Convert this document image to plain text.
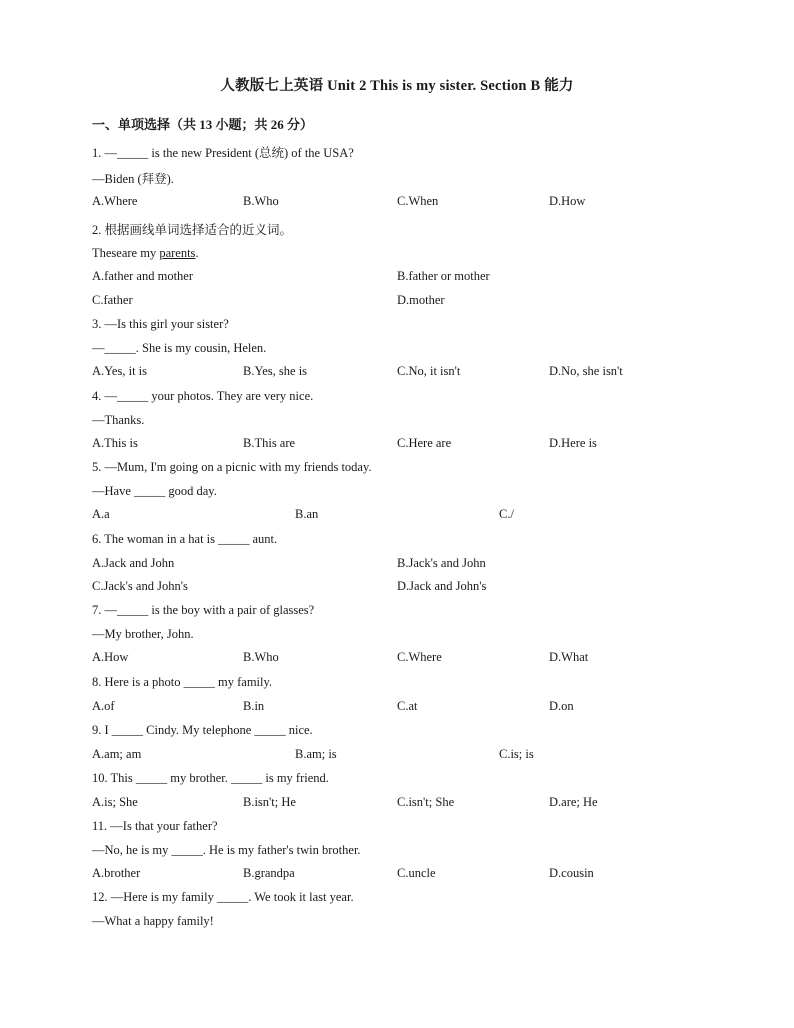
人教版七上英语 Unit 2 This is my sister. Section B 能力
一、单项选择（共 13 小题；共 26 分）
1. —_____ is the new President (总统) of the USA?
—Biden (拜登).
A.Where	B.Who	C.When	D.How
2. 根据画线单词选择适合的近义词。
Theseare my parents.
A.father and mother	B.father or mother
C.father	D.mother
3. —Is this girl your sister?
—_____. She is my cousin, Helen.
A.Yes, it is	B.Yes, she is	C.No, it isn't	D.No, she isn't
4. —_____ your photos. They are very nice.
—Thanks.
A.This is	B.This are	C.Here are	D.Here is
5. —Mum, I'm going on a picnic with my friends today.
—Have _____ good day.
A.a	B.an	C./
6. The woman in a hat is _____ aunt.
A.Jack and John	B.Jack's and John
C.Jack's and John's	D.Jack and John's
7. —_____ is the boy with a pair of glasses?
—My brother, John.
A.How	B.Who	C.Where	D.What
8. Here is a photo _____ my family.
A.of	B.in	C.at	D.on
9. I _____ Cindy. My telephone _____ nice.
A.am; am	B.am; is	C.is; is
10. This _____ my brother. _____ is my friend.
A.is; She	B.isn't; He	C.isn't; She	D.are; He
11. —Is that your father?
—No, he is my _____. He is my father's twin brother.
A.brother	B.grandpa	C.uncle	D.cousin
12. —Here is my family _____. We took it last year.
—What a happy family!
